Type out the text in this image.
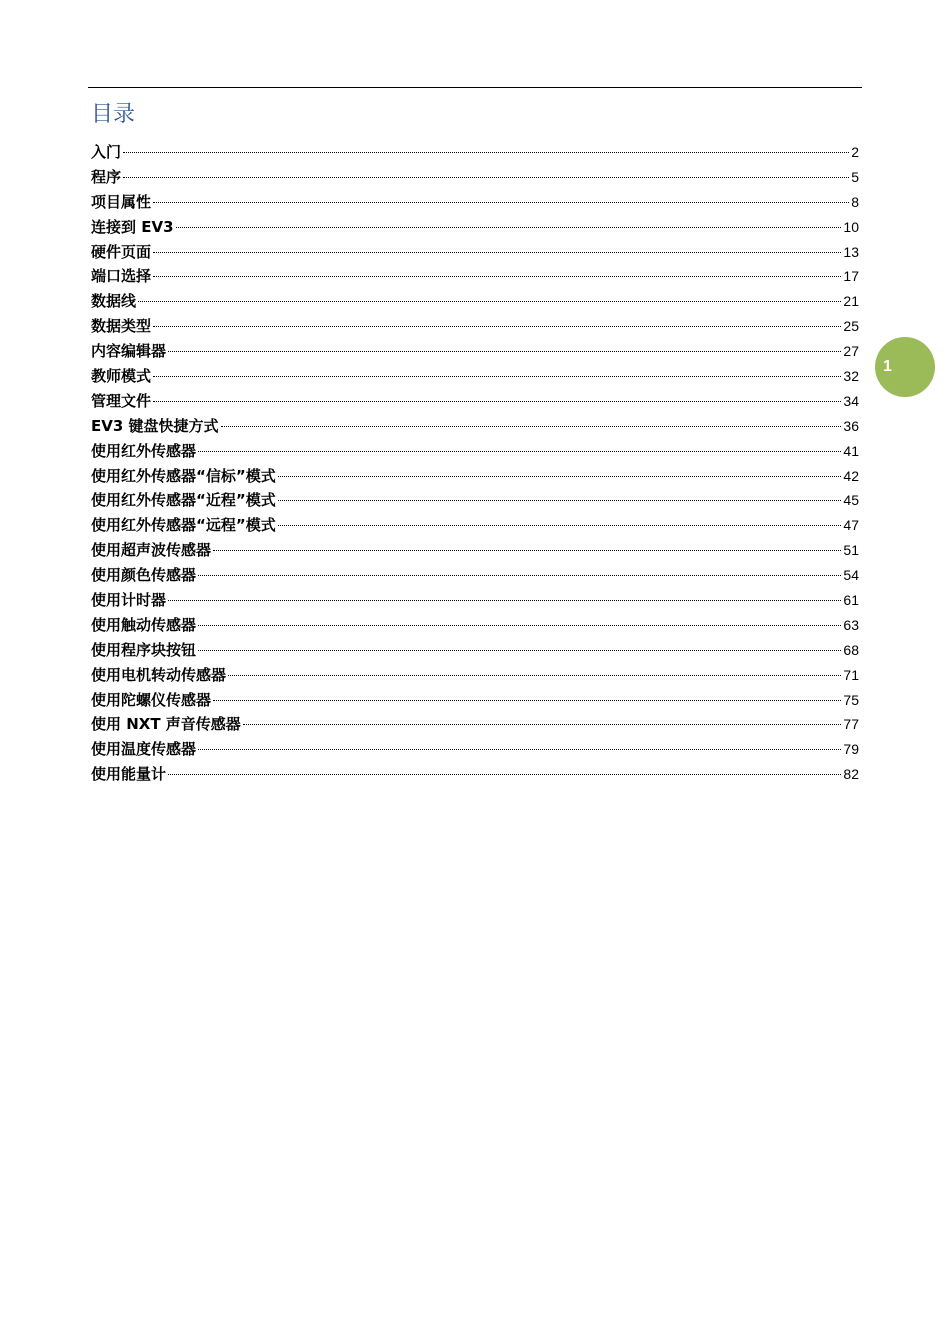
目录
入门	2
程序	5
项目属性	8
连接到 EV3	10
硬件页面	13
端口选择	17
数据线	21
数据类型	25
内容编辑器	27
教师模式	32
管理文件	34
EV3 键盘快捷方式	36
使用红外传感器	41
使用红外传感器“信标”模式	42
使用红外传感器“近程”模式	45
使用红外传感器“远程”模式	47
使用超声波传感器	51
使用颜色传感器	54
使用计时器	61
使用触动传感器	63
使用程序块按钮	68
使用电机转动传感器	71
使用陀螺仪传感器	75
使用 NXT 声音传感器	77
使用温度传感器	79
使用能量计	82
1
